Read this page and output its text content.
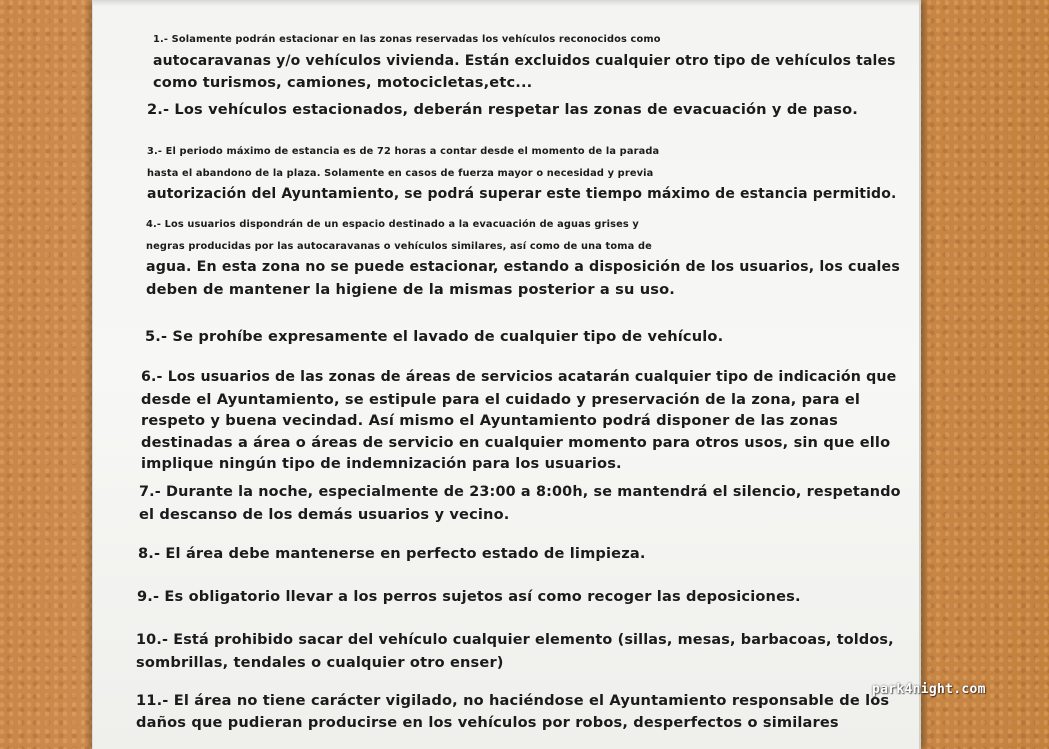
1.- Solamente podrán estacionar en las zonas reservadas los vehículos reconocidos como
autocaravanas y/o vehículos vivienda. Están excluidos cualquier otro tipo de vehículos tales
como turismos, camiones, motocicletas,etc...
2.- Los vehículos estacionados, deberán respetar las zonas de evacuación y de paso.
3.- El periodo máximo de estancia es de 72 horas a contar desde el momento de la parada
hasta el abandono de la plaza. Solamente en casos de fuerza mayor o necesidad y previa
autorización del Ayuntamiento, se podrá superar este tiempo máximo de estancia permitido.
4.- Los usuarios dispondrán de un espacio destinado a la evacuación de aguas grises y
negras producidas por las autocaravanas o vehículos similares, así como de una toma de
agua. En esta zona no se puede estacionar, estando a disposición de los usuarios, los cuales
deben de mantener la higiene de la mismas posterior a su uso.
5.- Se prohíbe expresamente el lavado de cualquier tipo de vehículo.
6.- Los usuarios de las zonas de áreas de servicios acatarán cualquier tipo de indicación que
desde el Ayuntamiento, se estipule para el cuidado y preservación de la zona, para el
respeto y buena vecindad. Así mismo el Ayuntamiento podrá disponer de las zonas
destinadas a área o áreas de servicio en cualquier momento para otros usos, sin que ello
implique ningún tipo de indemnización para los usuarios.
7.- Durante la noche, especialmente de 23:00 a 8:00h, se mantendrá el silencio, respetando
el descanso de los demás usuarios y vecino.
8.- El área debe mantenerse en perfecto estado de limpieza.
9.- Es obligatorio llevar a los perros sujetos así como recoger las deposiciones.
10.- Está prohibido sacar del vehículo cualquier elemento (sillas, mesas, barbacoas, toldos,
sombrillas, tendales o cualquier otro enser)
11.- El área no tiene carácter vigilado, no haciéndose el Ayuntamiento responsable de los
daños que pudieran producirse en los vehículos por robos, desperfectos o similares
park4night.com
